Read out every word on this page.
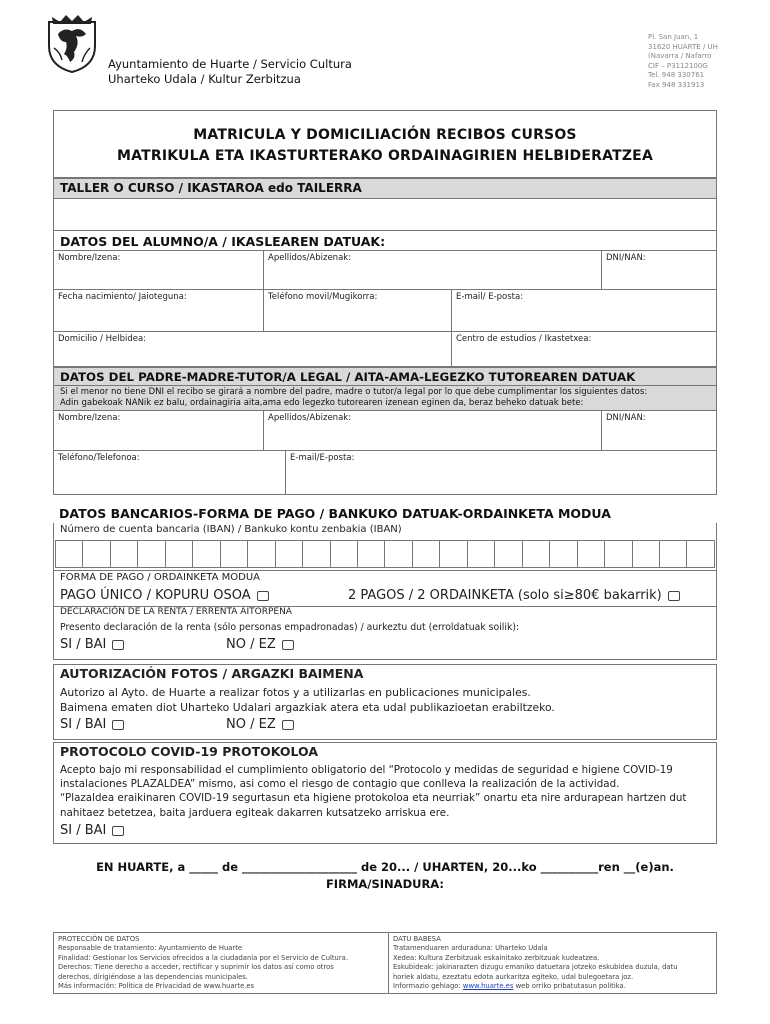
Ayuntamiento de Huarte / Servicio Cultura
Uharteko Udala / Kultur Zerbitzua
Pl. San Juan, 1
31620 HUARTE / UH
(Navarra / Nafarro
CIF – P3112100G
Tel. 948 330761
Fax 948 331913
MATRICULA Y DOMICILIACIÓN RECIBOS CURSOS
MATRIKULA ETA IKASTURTERAKO ORDAINAGIRIEN HELBIDERATZEA
TALLER O CURSO / IKASTAROA edo TAILERRA
DATOS DEL ALUMNO/A / IKASLEAREN DATUAK:
Nombre/Izena:	Apellidos/Abizenak:	DNI/NAN:
Fecha nacimiento/ Jaioteguna:	Teléfono movil/Mugikorra:	E-mail/ E-posta:
Domicilio / Helbidea:	Centro de estudios / Ikastetxea:
DATOS DEL PADRE-MADRE-TUTOR/A LEGAL / AITA-AMA-LEGEZKO TUTOREAREN DATUAK
Si el menor no tiene DNI el recibo se girará a nombre del padre, madre o tutor/a legal por lo que debe cumplimentar los siguientes datos:
Adin gabekoak NANik ez balu, ordainagiria aita,ama edo legezko tutorearen izenean eginen da, beraz beheko datuak bete:
Nombre/Izena:	Apellidos/Abizenak:	DNI/NAN:
Teléfono/Telefonoa:	E-mail/E-posta:
DATOS BANCARIOS-FORMA DE PAGO / BANKUKO DATUAK-ORDAINKETA MODUA
Número de cuenta bancaria (IBAN) / Bankuko kontu zenbakia (IBAN)
FORMA DE PAGO / ORDAINKETA MODUA
PAGO ÚNICO / KOPURU OSOA	2 PAGOS / 2 ORDAINKETA (solo si≥80€ bakarrik)
DECLARACIÓN DE LA RENTA / ERRENTA AITORPENA
Presento declaración de la renta (sólo personas empadronadas) / aurkeztu dut (erroldatuak soilik):
SI / BAI	NO / EZ
AUTORIZACIÓN FOTOS / ARGAZKI BAIMENA
Autorizo al Ayto. de Huarte a realizar fotos y a utilizarlas en publicaciones municipales.
Baimena ematen diot Uharteko Udalari argazkiak atera eta udal publikazioetan erabiltzeko.
SI / BAI	NO / EZ
PROTOCOLO COVID-19 PROTOKOLOA
Acepto bajo mi responsabilidad el cumplimiento obligatorio del “Protocolo y medidas de seguridad e higiene COVID-19
instalaciones PLAZALDEA” mismo, asi como el riesgo de contagio que conlleva la realización de la actividad.
“Plazaldea eraikinaren COVID-19 segurtasun eta higiene protokoloa eta neurriak” onartu eta nire ardurapean hartzen dut
nahitaez betetzea, baita jarduera egiteak dakarren kutsatzeko arriskua ere.
SI / BAI
EN HUARTE, a _____ de ____________________ de 20... / UHARTEN, 20...ko __________ren __(e)an.
FIRMA/SINADURA:
PROTECCIÓN DE DATOS
Responsable de tratamiento: Ayuntamiento de Huarte
Finalidad: Gestionar los Servicios ofrecidos a la ciudadanía por el Servicio de Cultura.
Derechos: Tiene derecho a acceder, rectificar y suprimir los datos así como otros
derechos, dirigiéndose a las dependencias municipales.
Más información: Política de Privacidad de www.huarte.es
DATU BABESA
Tratamenduaren arduraduna: Uharteko Udala
Xedea: Kultura Zerbitzuak eskainitako zerbitzuak kudeatzea.
Eskubideak: jakinarazten dizugu emaniko datuetara jotzeko eskubidea duzula, datu
horiek aldatu, ezeztatu edota aurkaritza egiteko, udal bulegoetara joz.
Informazio gehiago: www.huarte.es web orriko pribatutasun politika.
